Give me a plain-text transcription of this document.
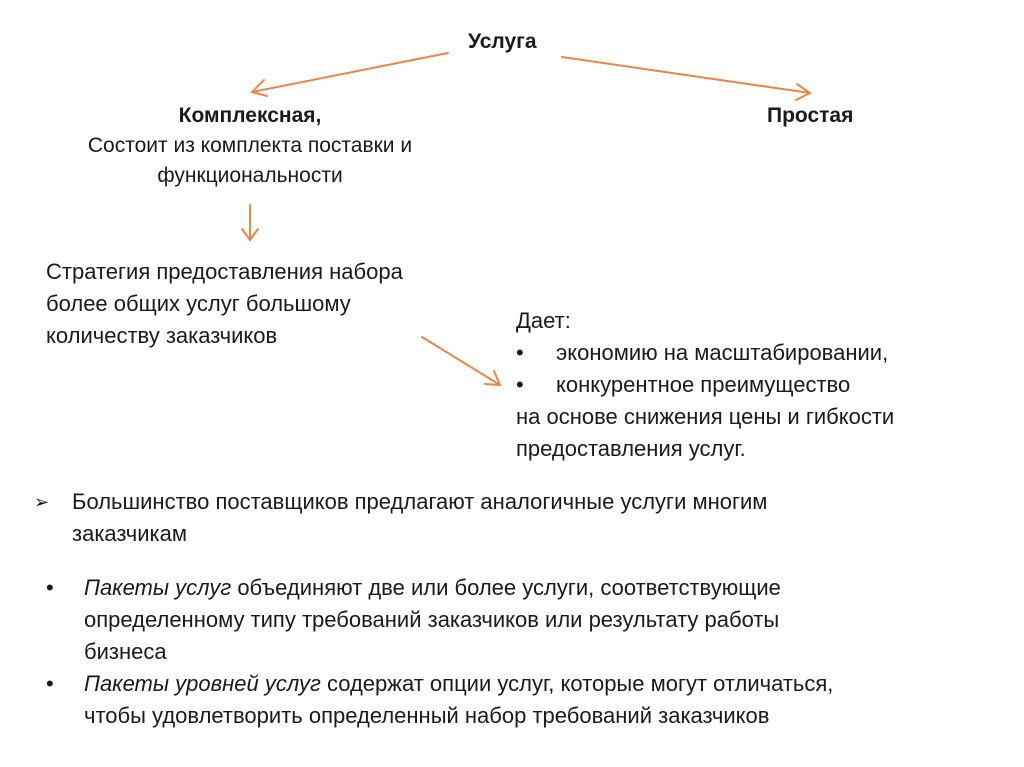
Услуга
Комплексная,
Состоит из комплекта поставки и
функциональности
Простая
Стратегия предоставления набора
более общих услуг большому
количеству заказчиков
Дает:
• экономию на масштабировании,
• конкурентное преимущество
на основе снижения цены и гибкости
предоставления услуг.
➢ Большинство поставщиков предлагают аналогичные услуги многим
заказчикам
• Пакеты услуг объединяют две или более услуги, соответствующие
определенному типу требований заказчиков или результату работы
бизнеса
• Пакеты уровней услуг содержат опции услуг, которые могут отличаться,
чтобы удовлетворить определенный набор требований заказчиков
